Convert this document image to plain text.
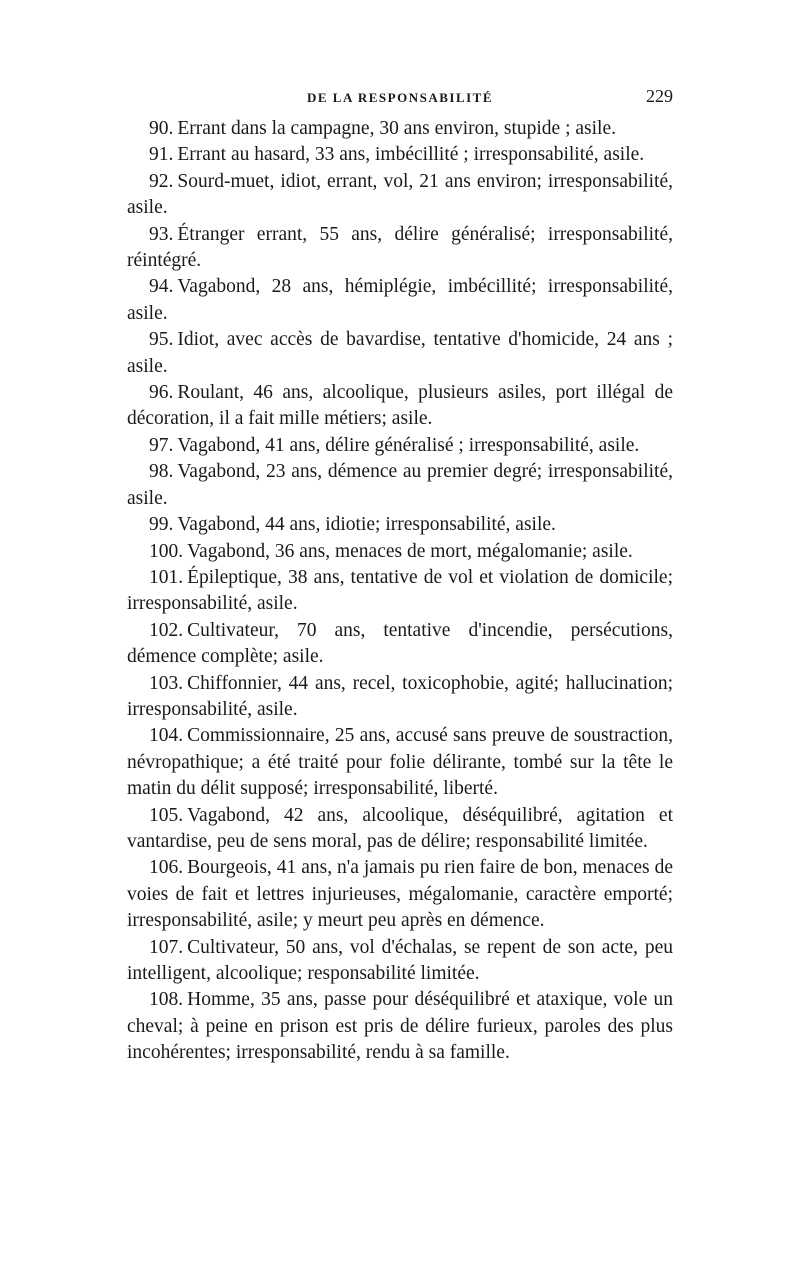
DE LA RESPONSABILITÉ	229

90. Errant dans la campagne, 30 ans environ, stupide ; asile.

91. Errant au hasard, 33 ans, imbécillité ; irresponsabilité, asile.

92. Sourd-muet, idiot, errant, vol, 21 ans environ; irresponsabilité, asile.

93. Étranger errant, 55 ans, délire généralisé; irresponsabilité, réintégré.

94. Vagabond, 28 ans, hémiplégie, imbécillité; irresponsabilité, asile.

95. Idiot, avec accès de bavardise, tentative d'homicide, 24 ans ; asile.

96. Roulant, 46 ans, alcoolique, plusieurs asiles, port illégal de décoration, il a fait mille métiers; asile.

97. Vagabond, 41 ans, délire généralisé ; irresponsabilité, asile.

98. Vagabond, 23 ans, démence au premier degré; irresponsabilité, asile.

99. Vagabond, 44 ans, idiotie; irresponsabilité, asile.

100. Vagabond, 36 ans, menaces de mort, mégalomanie; asile.

101. Épileptique, 38 ans, tentative de vol et violation de domicile; irresponsabilité, asile.

102. Cultivateur, 70 ans, tentative d'incendie, persécutions, démence complète; asile.

103. Chiffonnier, 44 ans, recel, toxicophobie, agité; hallucination; irresponsabilité, asile.

104. Commissionnaire, 25 ans, accusé sans preuve de soustraction, névropathique; a été traité pour folie délirante, tombé sur la tête le matin du délit supposé; irresponsabilité, liberté.

105. Vagabond, 42 ans, alcoolique, déséquilibré, agitation et vantardise, peu de sens moral, pas de délire; responsabilité limitée.

106. Bourgeois, 41 ans, n'a jamais pu rien faire de bon, menaces de voies de fait et lettres injurieuses, mégalomanie, caractère emporté; irresponsabilité, asile; y meurt peu après en démence.

107. Cultivateur, 50 ans, vol d'échalas, se repent de son acte, peu intelligent, alcoolique; responsabilité limitée.

108. Homme, 35 ans, passe pour déséquilibré et ataxique, vole un cheval; à peine en prison est pris de délire furieux, paroles des plus incohérentes; irresponsabilité, rendu à sa famille.
